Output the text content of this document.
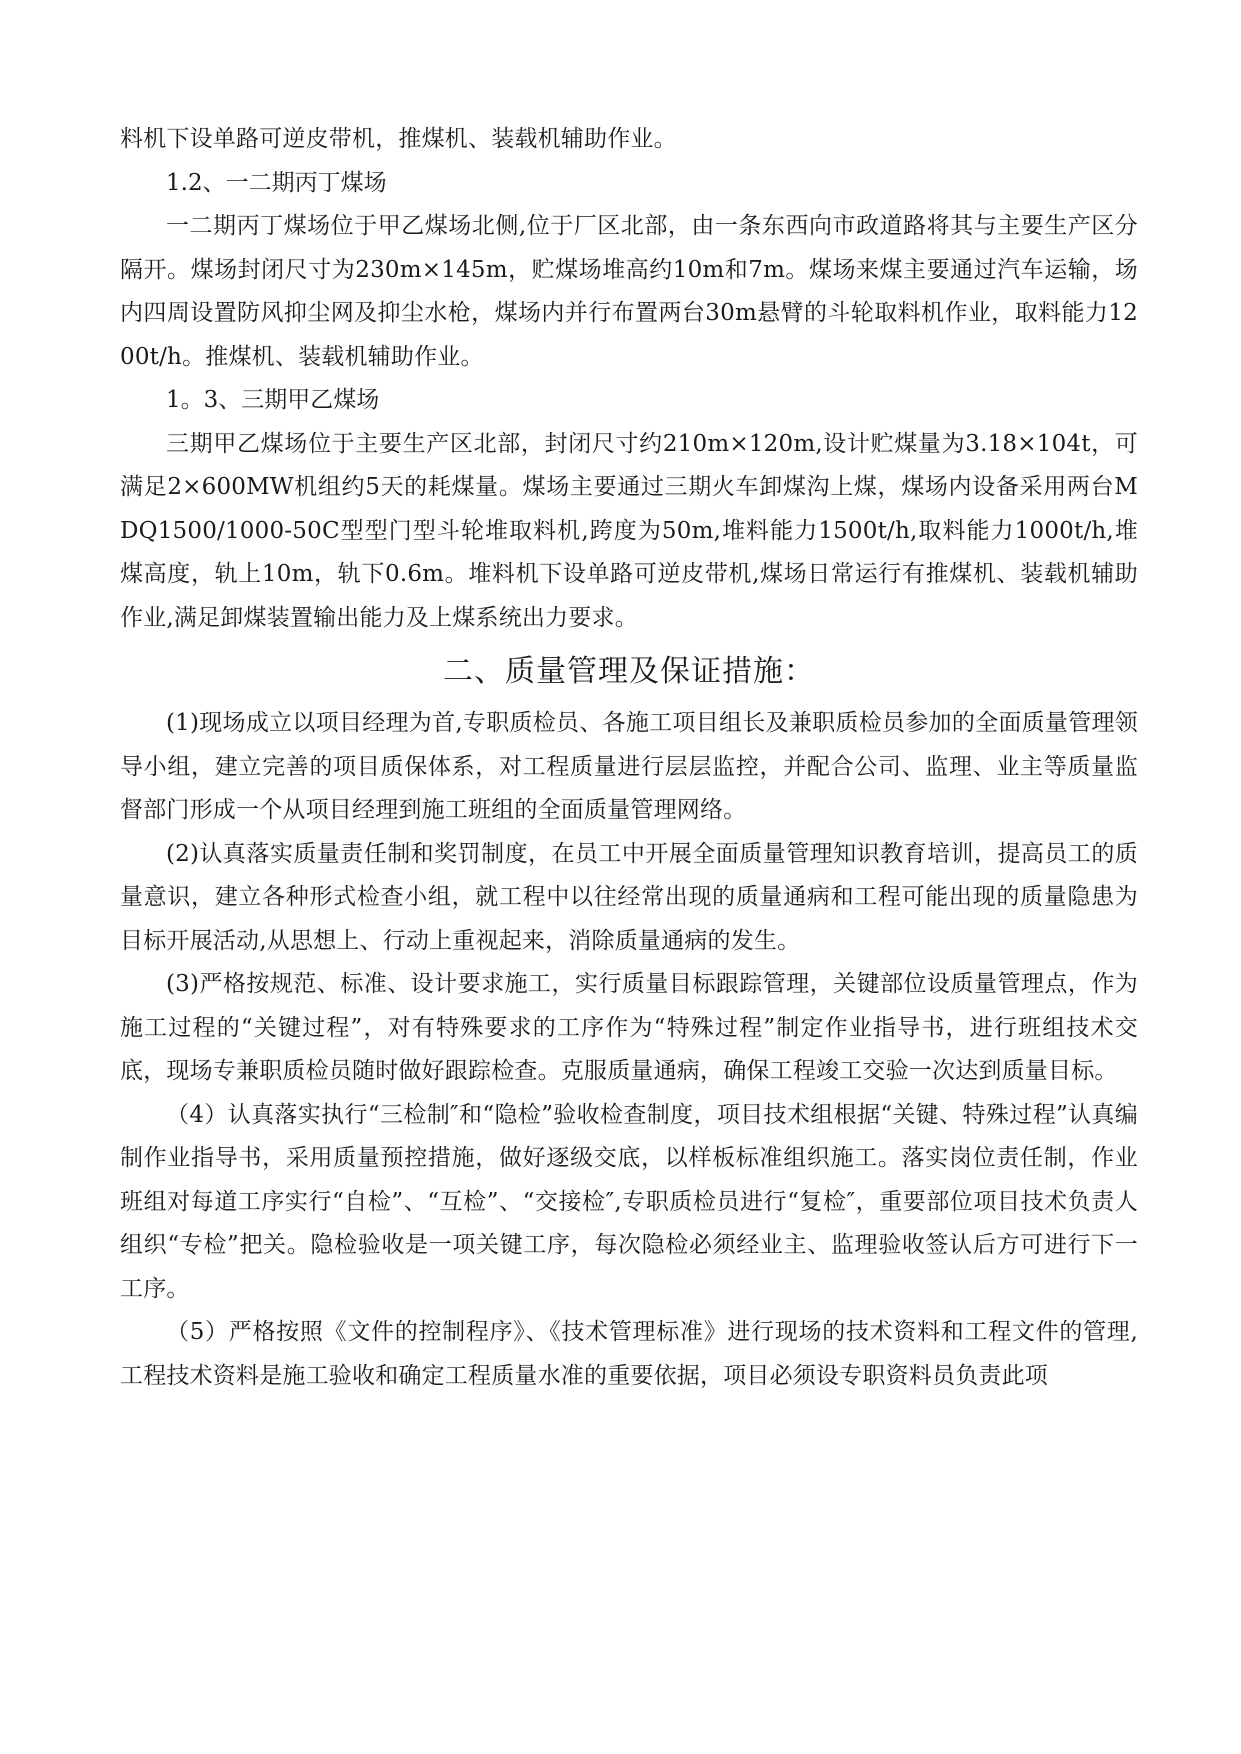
料机下设单路可逆皮带机，推煤机、装载机辅助作业。

1.2、一二期丙丁煤场

一二期丙丁煤场位于甲乙煤场北侧,位于厂区北部，由一条东西向市政道路将其与主要生产区分隔开。煤场封闭尺寸为230m×145m，贮煤场堆高约10m和7m。煤场来煤主要通过汽车运输，场内四周设置防风抑尘网及抑尘水枪，煤场内并行布置两台30m悬臂的斗轮取料机作业，取料能力1200t/h。推煤机、装载机辅助作业。

1。3、三期甲乙煤场

三期甲乙煤场位于主要生产区北部，封闭尺寸约210m×120m,设计贮煤量为3.18×104t，可满足2×600MW机组约5天的耗煤量。煤场主要通过三期火车卸煤沟上煤，煤场内设备采用两台MDQ1500/1000-50C型型门型斗轮堆取料机,跨度为50m,堆料能力1500t/h,取料能力1000t/h,堆煤高度，轨上10m，轨下0.6m。堆料机下设单路可逆皮带机,煤场日常运行有推煤机、装载机辅助作业,满足卸煤装置输出能力及上煤系统出力要求。

二、质量管理及保证措施：

(1)现场成立以项目经理为首,专职质检员、各施工项目组长及兼职质检员参加的全面质量管理领导小组，建立完善的项目质保体系，对工程质量进行层层监控，并配合公司、监理、业主等质量监督部门形成一个从项目经理到施工班组的全面质量管理网络。

(2)认真落实质量责任制和奖罚制度，在员工中开展全面质量管理知识教育培训，提高员工的质量意识，建立各种形式检查小组，就工程中以往经常出现的质量通病和工程可能出现的质量隐患为目标开展活动,从思想上、行动上重视起来，消除质量通病的发生。

(3)严格按规范、标准、设计要求施工，实行质量目标跟踪管理，关键部位设质量管理点，作为施工过程的“关键过程”，对有特殊要求的工序作为“特殊过程”制定作业指导书，进行班组技术交底，现场专兼职质检员随时做好跟踪检查。克服质量通病，确保工程竣工交验一次达到质量目标。

（4）认真落实执行“三检制″和“隐检”验收检查制度，项目技术组根据“关键、特殊过程”认真编制作业指导书，采用质量预控措施，做好逐级交底，以样板标准组织施工。落实岗位责任制，作业班组对每道工序实行“自检”、“互检”、“交接检″,专职质检员进行“复检″，重要部位项目技术负责人组织“专检”把关。隐检验收是一项关键工序，每次隐检必须经业主、监理验收签认后方可进行下一工序。

（5）严格按照《文件的控制程序》、《技术管理标准》进行现场的技术资料和工程文件的管理,工程技术资料是施工验收和确定工程质量水准的重要依据，项目必须设专职资料员负责此项
